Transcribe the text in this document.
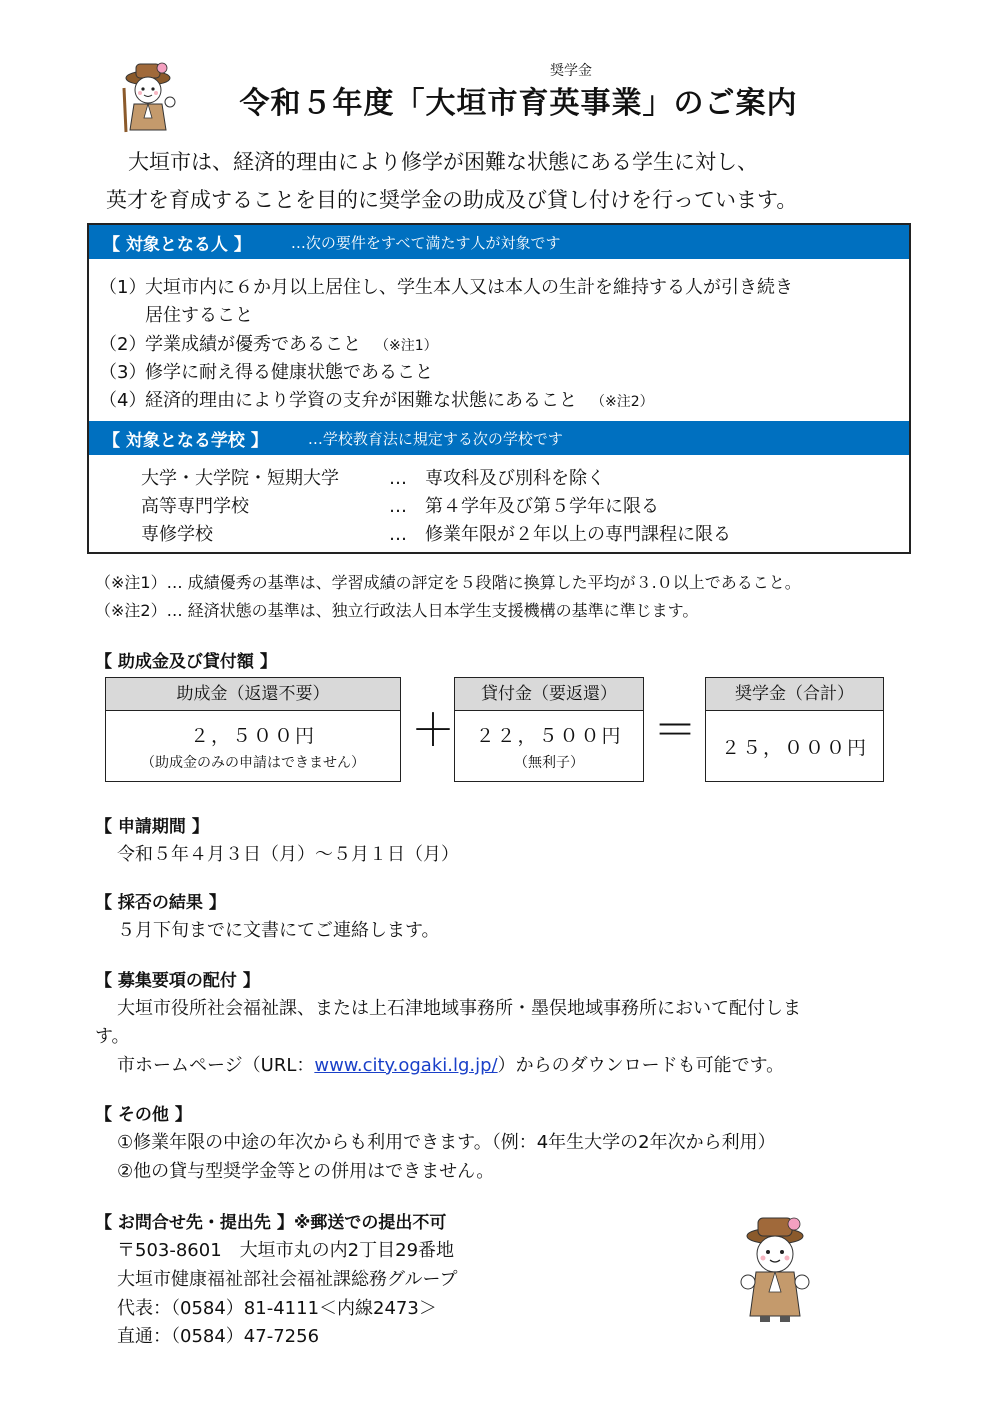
奨学金
令和５年度「大垣市育英事業」のご案内
大垣市は、経済的理由により修学が困難な状態にある学生に対し、
英才を育成することを目的に奨学金の助成及び貸し付けを行っています。
【 対象となる人 】	…次の要件をすべて満たす人が対象です
（1）大垣市内に６か月以上居住し、学生本人又は本人の生計を維持する人が引き続き
居住すること
（2）学業成績が優秀であること （※注1）
（3）修学に耐え得る健康状態であること
（4）経済的理由により学資の支弁が困難な状態にあること （※注2）
【 対象となる学校 】	…学校教育法に規定する次の学校です
大学・大学院・短期大学	…　専攻科及び別科を除く
高等専門学校	…　第４学年及び第５学年に限る
専修学校	…　修業年限が２年以上の専門課程に限る
（※注1）… 成績優秀の基準は、学習成績の評定を５段階に換算した平均が３.０以上であること。
（※注2）… 経済状態の基準は、独立行政法人日本学生支援機構の基準に準じます。
【 助成金及び貸付額 】
助成金（返還不要）
２，５００円
（助成金のみの申請はできません）
＋
貸付金（要返還）
２２，５００円
（無利子）
＝
奨学金（合計）
２５，０００円
【 申請期間 】
令和５年４月３日（月）～５月１日（月）
【 採否の結果 】
５月下旬までに文書にてご連絡します。
【 募集要項の配付 】
大垣市役所社会福祉課、または上石津地域事務所・墨俣地域事務所において配付しま
す。
市ホームページ（URL：www.city.ogaki.lg.jp/）からのダウンロードも可能です。
【 その他 】
①修業年限の中途の年次からも利用できます。（例：4年生大学の2年次から利用）
②他の貸与型奨学金等との併用はできません。
【 お問合せ先・提出先 】※郵送での提出不可
〒503-8601　大垣市丸の内2丁目29番地
大垣市健康福祉部社会福祉課総務グループ
代表：（0584）81-4111＜内線2473＞
直通：（0584）47-7256
